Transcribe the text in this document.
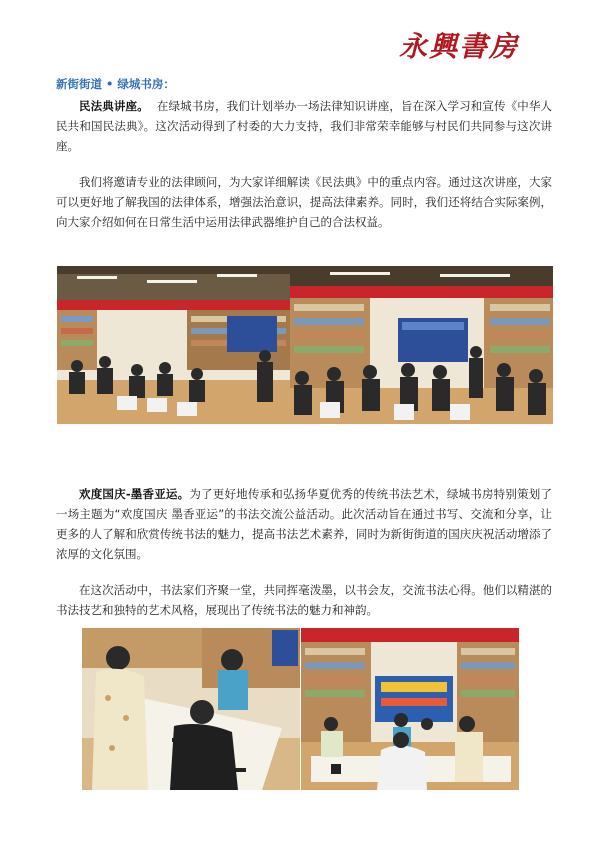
永興書房
新街街道 • 绿城书房：

民法典讲座。 在绿城书房，我们计划举办一场法律知识讲座，旨在深入学习和宣传《中华人民共和国民法典》。这次活动得到了村委的大力支持，我们非常荣幸能够与村民们共同参与这次讲座。

我们将邀请专业的法律顾问，为大家详细解读《民法典》中的重点内容。通过这次讲座，大家可以更好地了解我国的法律体系，增强法治意识，提高法律素养。同时，我们还将结合实际案例，向大家介绍如何在日常生活中运用法律武器维护自己的合法权益。

欢度国庆-墨香亚运。为了更好地传承和弘扬华夏优秀的传统书法艺术，绿城书房特别策划了一场主题为“欢度国庆 墨香亚运”的书法交流公益活动。此次活动旨在通过书写、交流和分享，让更多的人了解和欣赏传统书法的魅力，提高书法艺术素养，同时为新街街道的国庆庆祝活动增添了浓厚的文化氛围。

在这次活动中，书法家们齐聚一堂，共同挥毫泼墨，以书会友，交流书法心得。他们以精湛的书法技艺和独特的艺术风格，展现出了传统书法的魅力和神韵。
